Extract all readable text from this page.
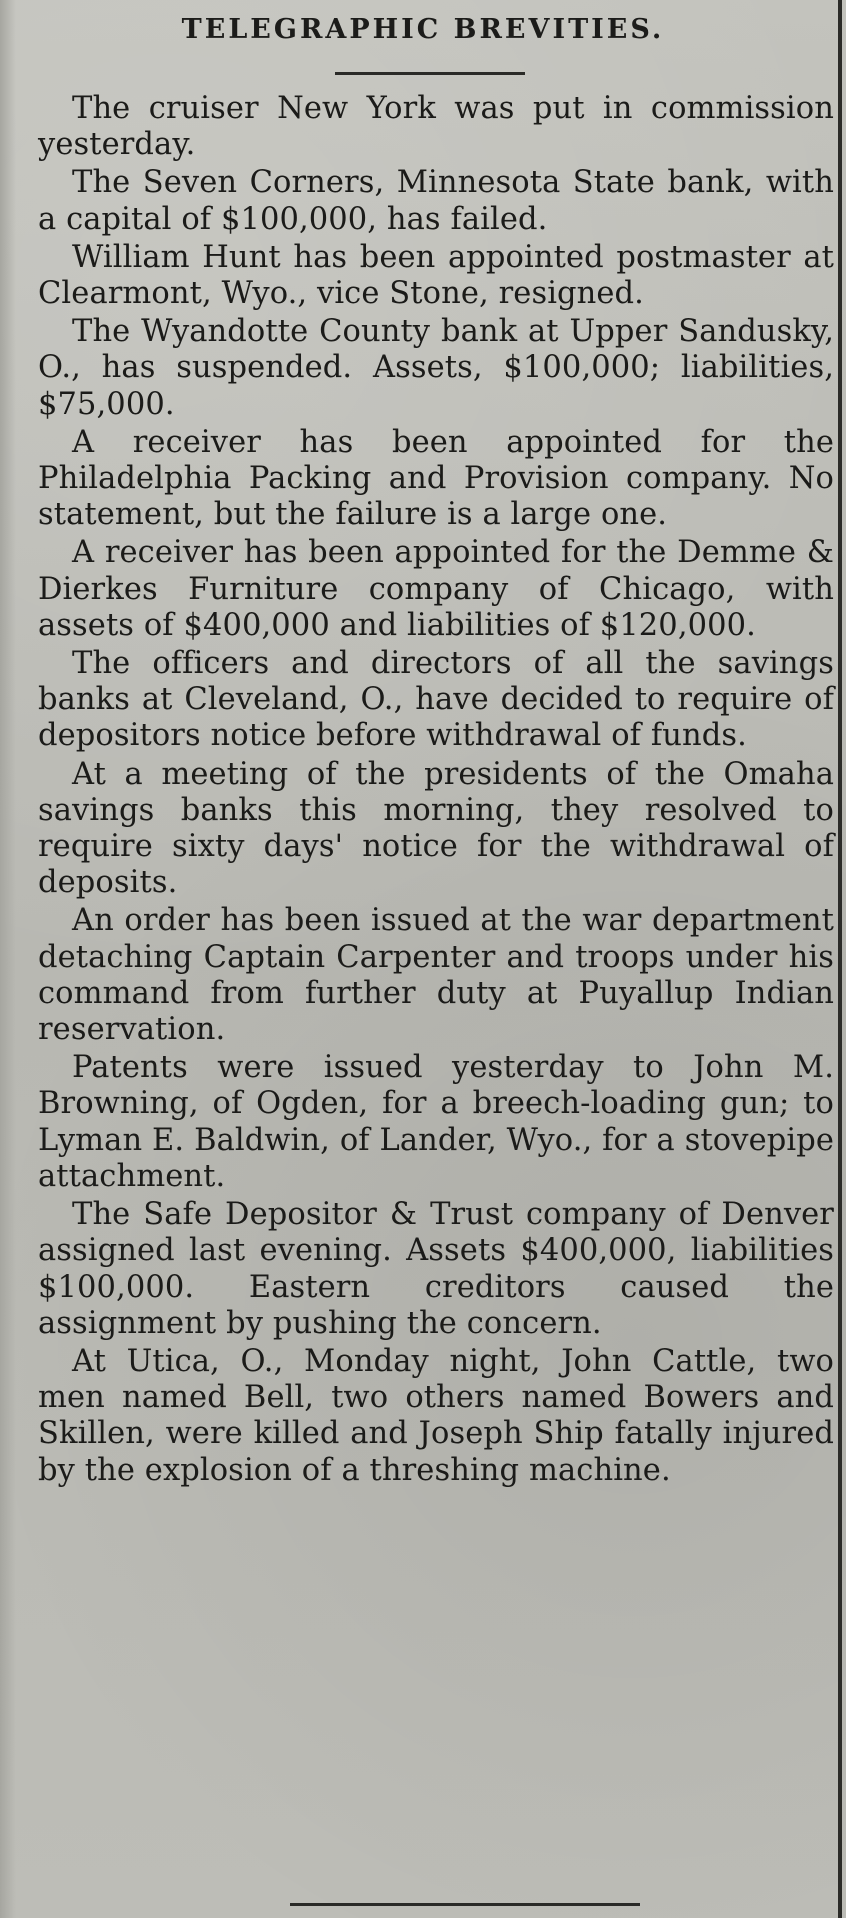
TELEGRAPHIC BREVITIES.

The cruiser New York was put in commission yesterday.

The Seven Corners, Minnesota State bank, with a capital of $100,000, has failed.

William Hunt has been appointed postmaster at Clearmont, Wyo., vice Stone, resigned.

The Wyandotte County bank at Upper Sandusky, O., has suspended. Assets, $100,000; liabilities, $75,000.

A receiver has been appointed for the Philadelphia Packing and Provision company. No statement, but the failure is a large one.

A receiver has been appointed for the Demme & Dierkes Furniture company of Chicago, with assets of $400,000 and liabilities of $120,000.

The officers and directors of all the savings banks at Cleveland, O., have decided to require of depositors notice before withdrawal of funds.

At a meeting of the presidents of the Omaha savings banks this morning, they resolved to require sixty days' notice for the withdrawal of deposits.

An order has been issued at the war department detaching Captain Carpenter and troops under his command from further duty at Puyallup Indian reservation.

Patents were issued yesterday to John M. Browning, of Ogden, for a breech-loading gun; to Lyman E. Baldwin, of Lander, Wyo., for a stovepipe attachment.

The Safe Depositor & Trust company of Denver assigned last evening. Assets $400,000, liabilities $100,000. Eastern creditors caused the assignment by pushing the concern.

At Utica, O., Monday night, John Cattle, two men named Bell, two others named Bowers and Skillen, were killed and Joseph Ship fatally injured by the explosion of a threshing machine.
